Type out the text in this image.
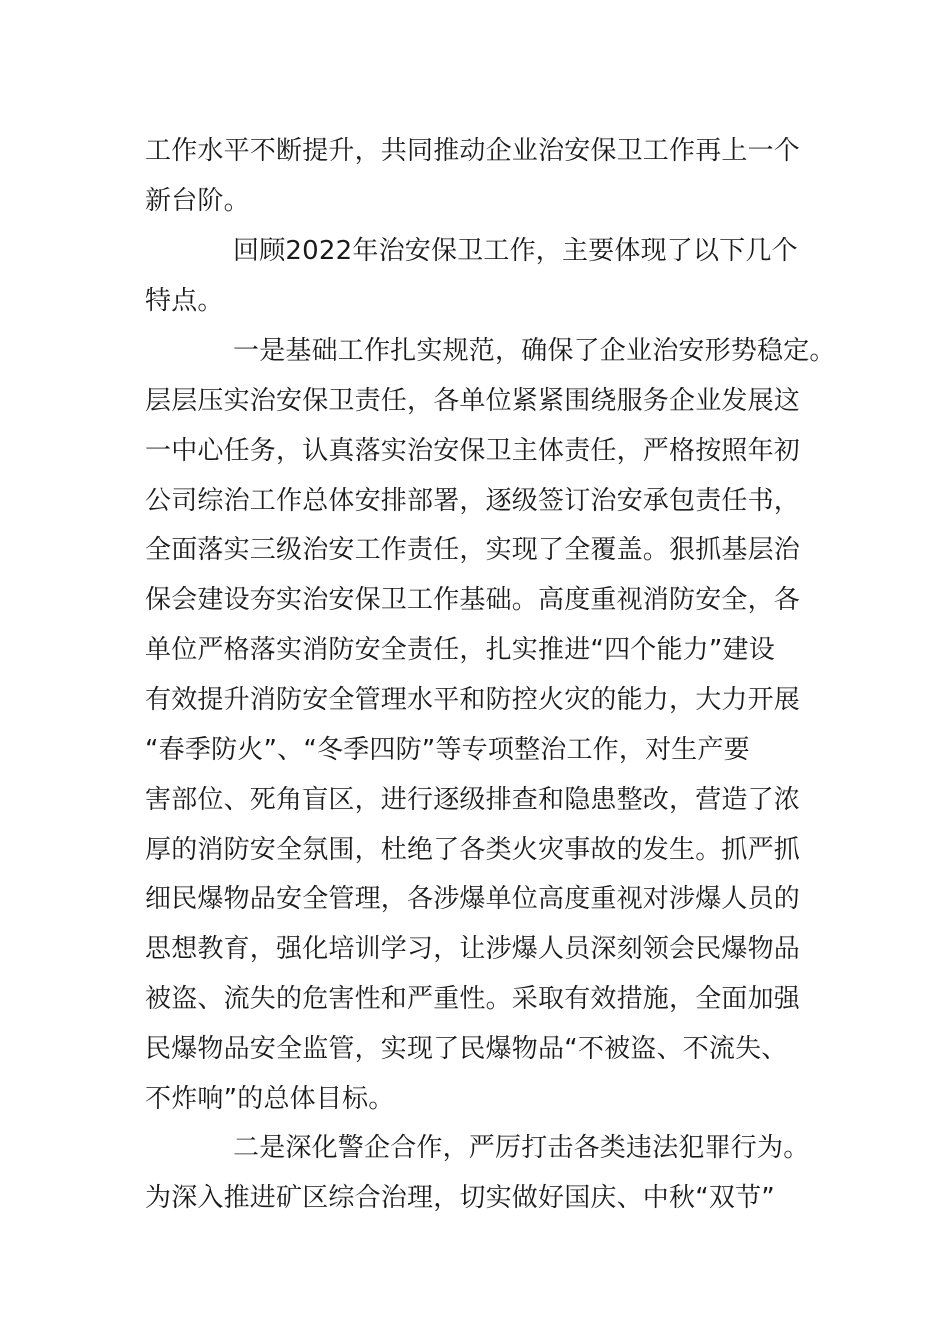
工作水平不断提升，共同推动企业治安保卫工作再上一个
新台阶。
回顾2022年治安保卫工作，主要体现了以下几个
特点。
一是基础工作扎实规范，确保了企业治安形势稳定。
层层压实治安保卫责任，各单位紧紧围绕服务企业发展这
一中心任务，认真落实治安保卫主体责任，严格按照年初
公司综治工作总体安排部署，逐级签订治安承包责任书，
全面落实三级治安工作责任，实现了全覆盖。狠抓基层治
保会建设夯实治安保卫工作基础。高度重视消防安全，各
单位严格落实消防安全责任，扎实推进“四个能力”建设
有效提升消防安全管理水平和防控火灾的能力，大力开展
“春季防火”、“冬季四防”等专项整治工作，对生产要
害部位、死角盲区，进行逐级排查和隐患整改，营造了浓
厚的消防安全氛围，杜绝了各类火灾事故的发生。抓严抓
细民爆物品安全管理，各涉爆单位高度重视对涉爆人员的
思想教育，强化培训学习，让涉爆人员深刻领会民爆物品
被盗、流失的危害性和严重性。采取有效措施，全面加强
民爆物品安全监管，实现了民爆物品“不被盗、不流失、
不炸响”的总体目标。
二是深化警企合作，严厉打击各类违法犯罪行为。
为深入推进矿区综合治理，切实做好国庆、中秋“双节”
